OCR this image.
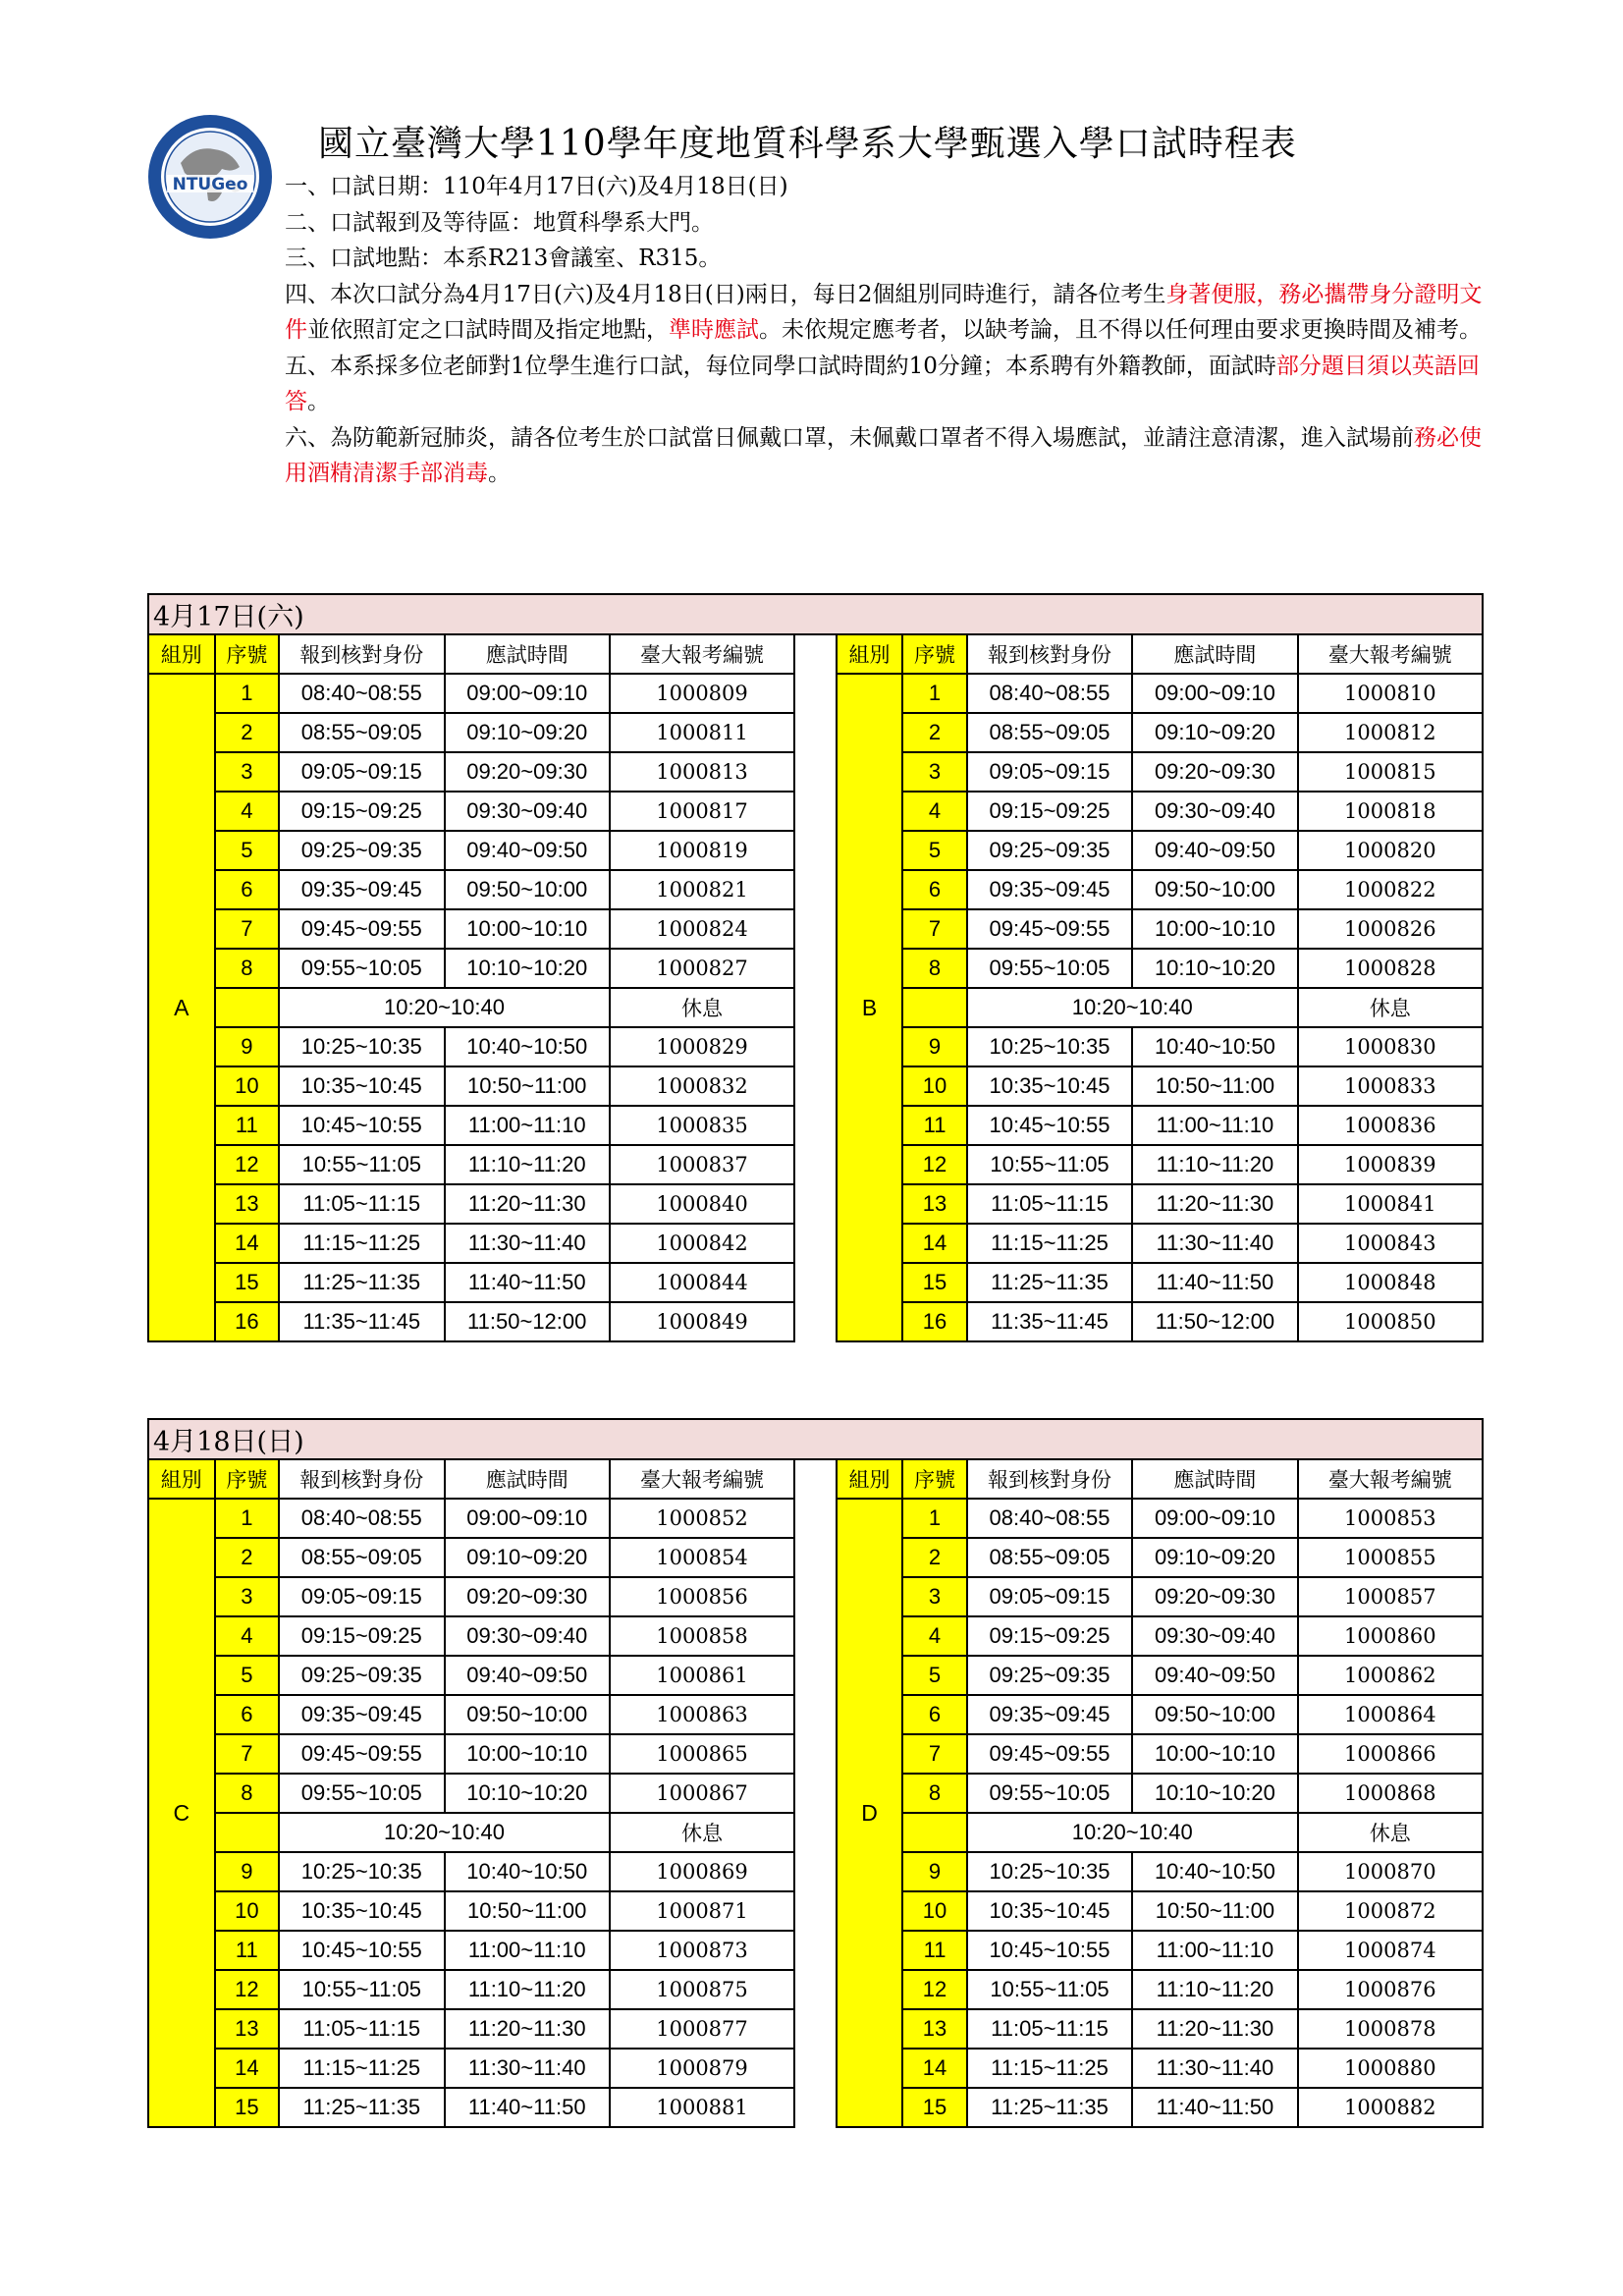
NTUGeo
國立臺灣大學110學年度地質科學系大學甄選入學口試時程表

一、口試日期：110年4月17日(六)及4月18日(日)

二、口試報到及等待區：地質科學系大門。

三、口試地點：本系R213會議室、R315。

四、本次口試分為4月17日(六)及4月18日(日)兩日，每日2個組別同時進行，請各位考生身著便服，務必攜帶身分證明文件並依照訂定之口試時間及指定地點，準時應試。未依規定應考者，以缺考論，且不得以任何理由要求更換時間及補考。

五、本系採多位老師對1位學生進行口試，每位同學口試時間約10分鐘；本系聘有外籍教師，面試時部分題目須以英語回答。

六、為防範新冠肺炎，請各位考生於口試當日佩戴口罩，未佩戴口罩者不得入場應試，並請注意清潔，進入試場前務必使用酒精清潔手部消毒。

4月17日(六)										
組別	序號	報到核對身份	應試時間	臺大報考編號		組別	序號	報到核對身份	應試時間	臺大報考編號
A	1	08:40~08:55	09:00~09:10	1000809		B	1	08:40~08:55	09:00~09:10	1000810
	2	08:55~09:05	09:10~09:20	1000811			2	08:55~09:05	09:10~09:20	1000812
	3	09:05~09:15	09:20~09:30	1000813			3	09:05~09:15	09:20~09:30	1000815
	4	09:15~09:25	09:30~09:40	1000817			4	09:15~09:25	09:30~09:40	1000818
	5	09:25~09:35	09:40~09:50	1000819			5	09:25~09:35	09:40~09:50	1000820
	6	09:35~09:45	09:50~10:00	1000821			6	09:35~09:45	09:50~10:00	1000822
	7	09:45~09:55	10:00~10:10	1000824			7	09:45~09:55	10:00~10:10	1000826
	8	09:55~10:05	10:10~10:20	1000827			8	09:55~10:05	10:10~10:20	1000828
		10:20~10:40		休息				10:20~10:40		休息
	9	10:25~10:35	10:40~10:50	1000829			9	10:25~10:35	10:40~10:50	1000830
	10	10:35~10:45	10:50~11:00	1000832			10	10:35~10:45	10:50~11:00	1000833
	11	10:45~10:55	11:00~11:10	1000835			11	10:45~10:55	11:00~11:10	1000836
	12	10:55~11:05	11:10~11:20	1000837			12	10:55~11:05	11:10~11:20	1000839
	13	11:05~11:15	11:20~11:30	1000840			13	11:05~11:15	11:20~11:30	1000841
	14	11:15~11:25	11:30~11:40	1000842			14	11:15~11:25	11:30~11:40	1000843
	15	11:25~11:35	11:40~11:50	1000844			15	11:25~11:35	11:40~11:50	1000848
	16	11:35~11:45	11:50~12:00	1000849			16	11:35~11:45	11:50~12:00	1000850
4月18日(日)										
組別	序號	報到核對身份	應試時間	臺大報考編號		組別	序號	報到核對身份	應試時間	臺大報考編號
C	1	08:40~08:55	09:00~09:10	1000852		D	1	08:40~08:55	09:00~09:10	1000853
	2	08:55~09:05	09:10~09:20	1000854			2	08:55~09:05	09:10~09:20	1000855
	3	09:05~09:15	09:20~09:30	1000856			3	09:05~09:15	09:20~09:30	1000857
	4	09:15~09:25	09:30~09:40	1000858			4	09:15~09:25	09:30~09:40	1000860
	5	09:25~09:35	09:40~09:50	1000861			5	09:25~09:35	09:40~09:50	1000862
	6	09:35~09:45	09:50~10:00	1000863			6	09:35~09:45	09:50~10:00	1000864
	7	09:45~09:55	10:00~10:10	1000865			7	09:45~09:55	10:00~10:10	1000866
	8	09:55~10:05	10:10~10:20	1000867			8	09:55~10:05	10:10~10:20	1000868
		10:20~10:40		休息				10:20~10:40		休息
	9	10:25~10:35	10:40~10:50	1000869			9	10:25~10:35	10:40~10:50	1000870
	10	10:35~10:45	10:50~11:00	1000871			10	10:35~10:45	10:50~11:00	1000872
	11	10:45~10:55	11:00~11:10	1000873			11	10:45~10:55	11:00~11:10	1000874
	12	10:55~11:05	11:10~11:20	1000875			12	10:55~11:05	11:10~11:20	1000876
	13	11:05~11:15	11:20~11:30	1000877			13	11:05~11:15	11:20~11:30	1000878
	14	11:15~11:25	11:30~11:40	1000879			14	11:15~11:25	11:30~11:40	1000880
	15	11:25~11:35	11:40~11:50	1000881			15	11:25~11:35	11:40~11:50	1000882
